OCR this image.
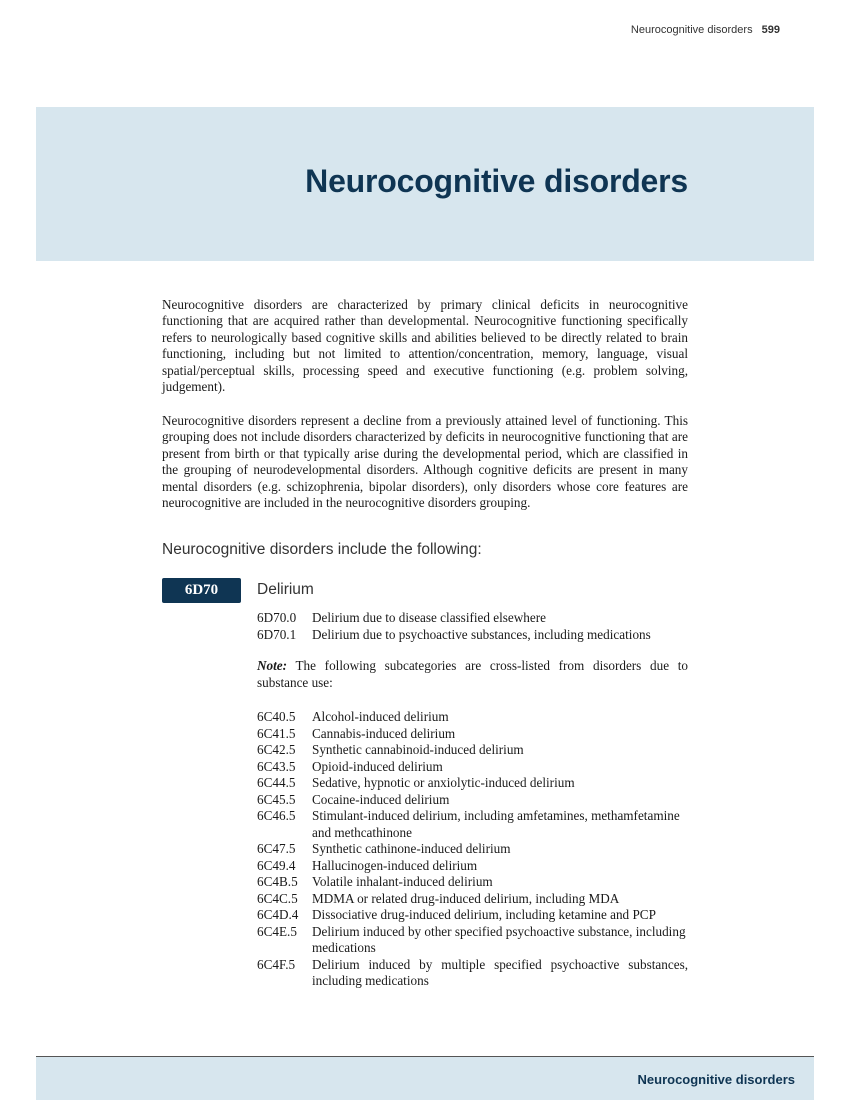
Neurocognitive disorders 599
Neurocognitive disorders

Neurocognitive disorders are characterized by primary clinical deficits in neurocognitive functioning that are acquired rather than developmental. Neurocognitive functioning specifically refers to neurologically based cognitive skills and abilities believed to be directly related to brain functioning, including but not limited to attention/concentration, memory, language, visual spatial/perceptual skills, processing speed and executive functioning (e.g. problem solving, judgement).

Neurocognitive disorders represent a decline from a previously attained level of functioning. This grouping does not include disorders characterized by deficits in neurocognitive functioning that are present from birth or that typically arise during the developmental period, which are classified in the grouping of neurodevelopmental disorders. Although cognitive deficits are present in many mental disorders (e.g. schizophrenia, bipolar disorders), only disorders whose core features are neurocognitive are included in the neurocognitive disorders grouping.

Neurocognitive disorders include the following:
6D70	Delirium
6D70.0	Delirium due to disease classified elsewhere
6D70.1	Delirium due to psychoactive substances, including medications

Note: The following subcategories are cross-listed from disorders due to substance use:

6C40.5	Alcohol-induced delirium
6C41.5	Cannabis-induced delirium
6C42.5	Synthetic cannabinoid-induced delirium
6C43.5	Opioid-induced delirium
6C44.5	Sedative, hypnotic or anxiolytic-induced delirium
6C45.5	Cocaine-induced delirium
6C46.5	Stimulant-induced delirium, including amfetamines, methamfetamine and methcathinone
6C47.5	Synthetic cathinone-induced delirium
6C49.4	Hallucinogen-induced delirium
6C4B.5	Volatile inhalant-induced delirium
6C4C.5	MDMA or related drug-induced delirium, including MDA
6C4D.4	Dissociative drug-induced delirium, including ketamine and PCP
6C4E.5	Delirium induced by other specified psychoactive substance, including medications
6C4F.5	Delirium induced by multiple specified psychoactive substances, including medications
Neurocognitive disorders
